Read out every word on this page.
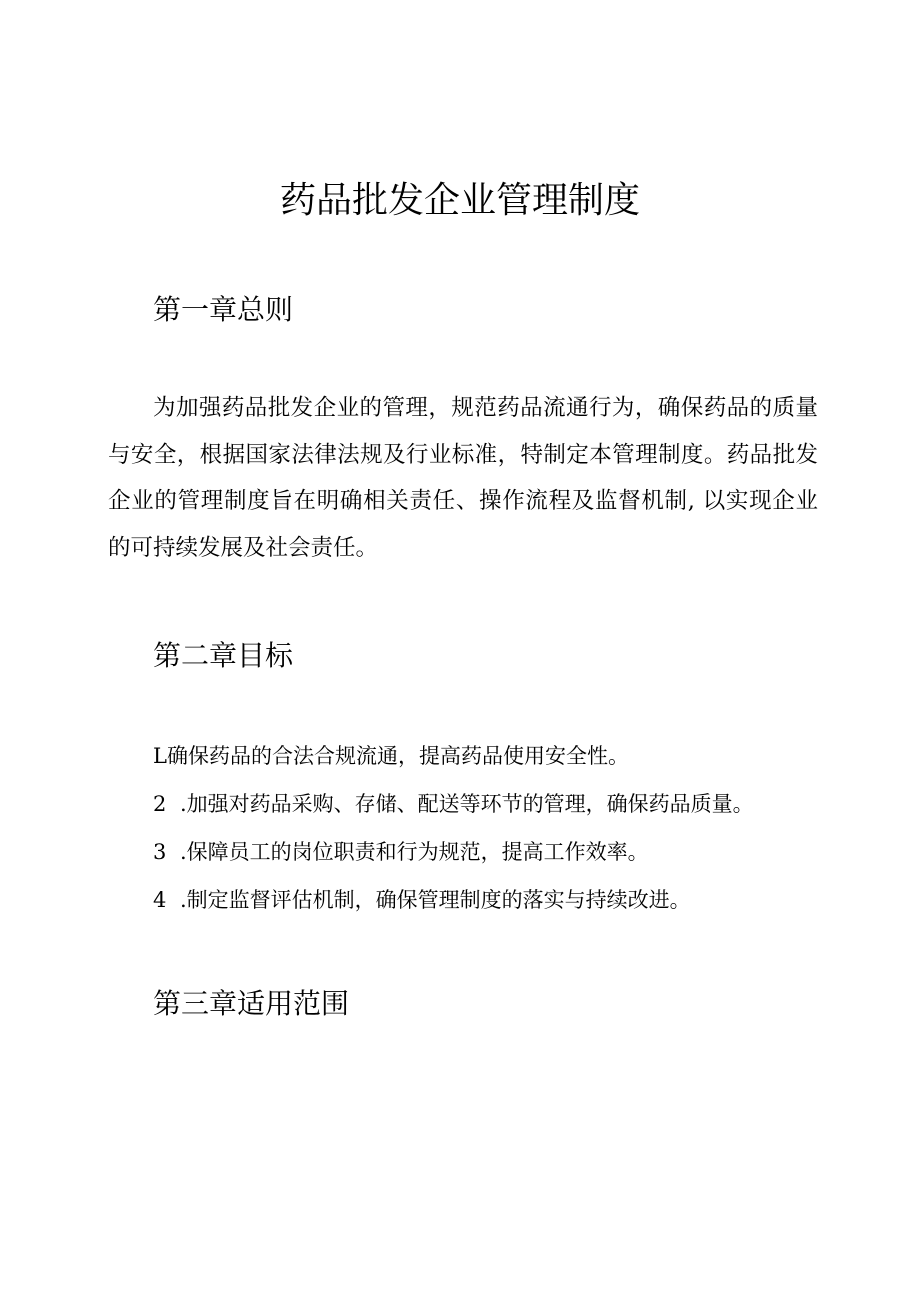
药品批发企业管理制度
第一章总则

为加强药品批发企业的管理，规范药品流通行为，确保药品的质量与安全，根据国家法律法规及行业标准，特制定本管理制度。药品批发企业的管理制度旨在明确相关责任、操作流程及监督机制, 以实现企业的可持续发展及社会责任。

第二章目标
L确保药品的合法合规流通，提高药品使用安全性。
2 .加强对药品采购、存储、配送等环节的管理，确保药品质量。
3 .保障员工的岗位职责和行为规范，提高工作效率。
4 .制定监督评估机制，确保管理制度的落实与持续改进。
第三章适用范围
